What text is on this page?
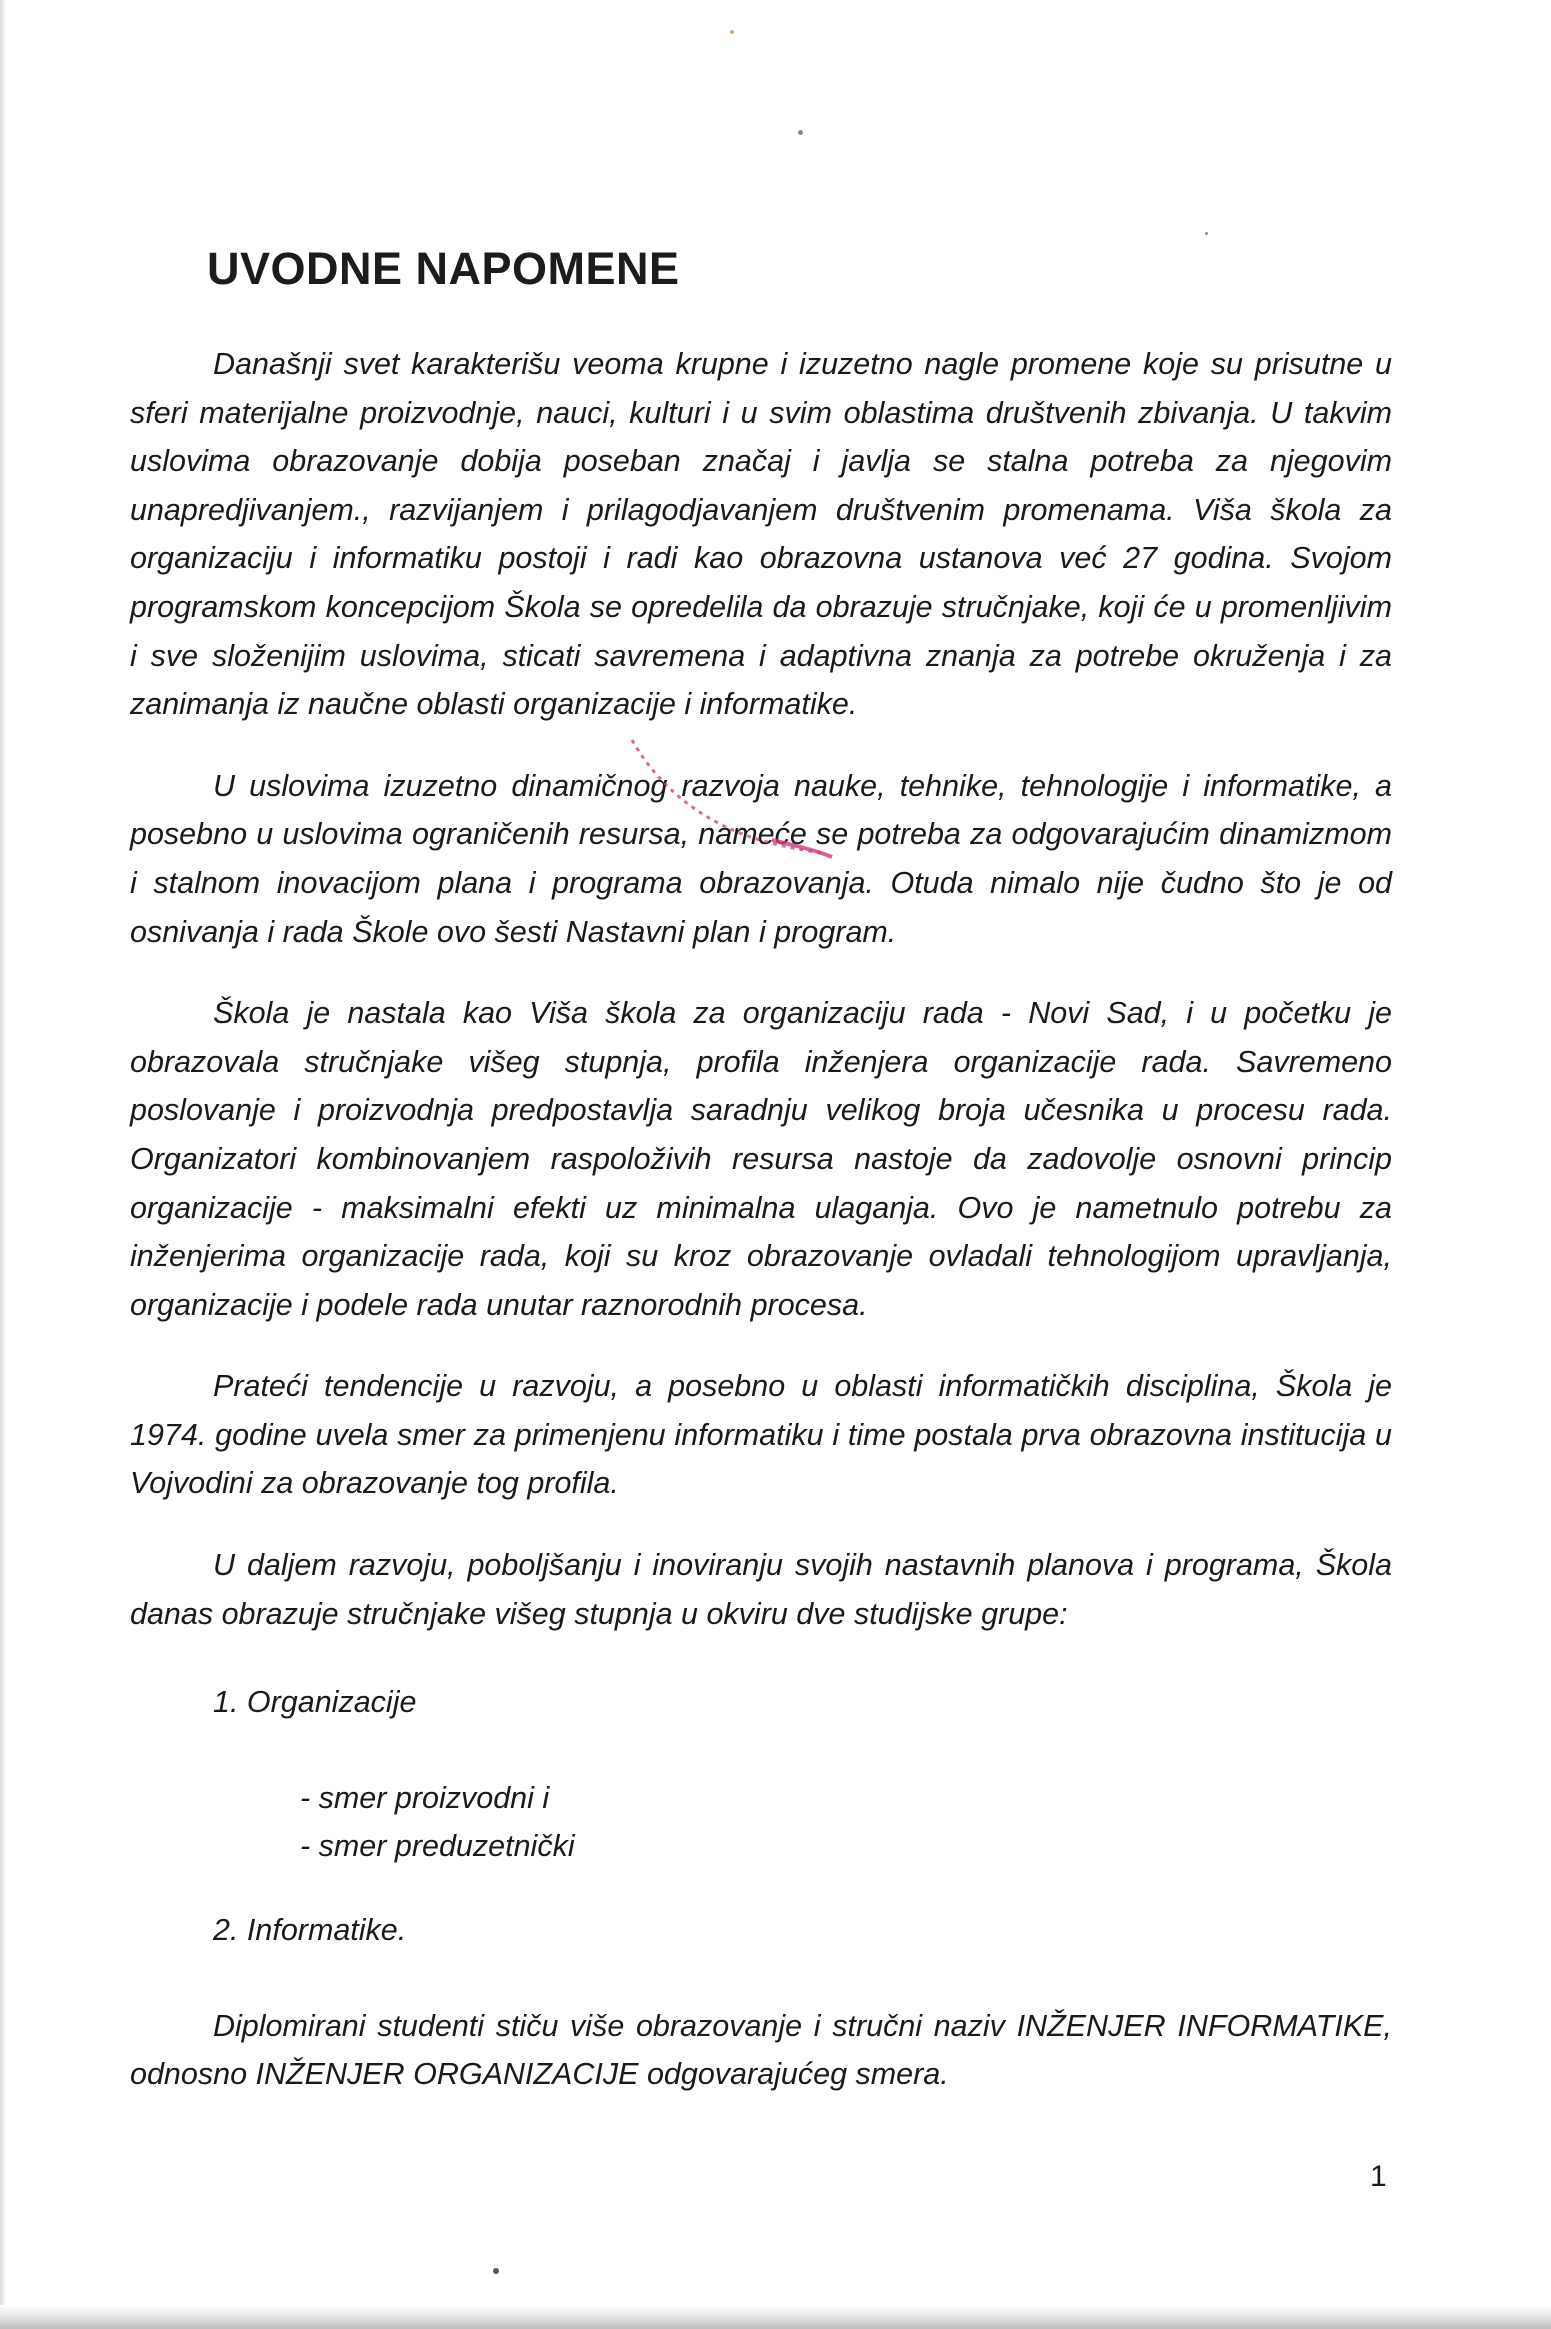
UVODNE NAPOMENE

Današnji svet karakterišu veoma krupne i izuzetno nagle promene koje su prisutne u sferi materijalne proizvodnje, nauci, kulturi i u svim oblastima društvenih zbivanja. U takvim uslovima obrazovanje dobija poseban značaj i javlja se stalna potreba za njegovim unapredjivanjem., razvijanjem i prilagodjavanjem društvenim promenama. Viša škola za organizaciju i informatiku postoji i radi kao obrazovna ustanova već 27 godina. Svojom programskom koncepcijom Škola se opredelila da obrazuje stručnjake, koji će u promenljivim i sve složenijim uslovima, sticati savremena i adaptivna znanja za potrebe okruženja i za zanimanja iz naučne oblasti organizacije i informatike.

U uslovima izuzetno dinamičnog razvoja nauke, tehnike, tehnologije i informatike, a posebno u uslovima ograničenih resursa, nameće se potreba za odgovarajućim dinamizmom i stalnom inovacijom plana i programa obrazovanja. Otuda nimalo nije čudno što je od osnivanja i rada Škole ovo šesti Nastavni plan i program.

Škola je nastala kao Viša škola za organizaciju rada - Novi Sad, i u početku je obrazovala stručnjake višeg stupnja, profila inženjera organizacije rada. Savremeno poslovanje i proizvodnja predpostavlja saradnju velikog broja učesnika u procesu rada. Organizatori kombinovanjem raspoloživih resursa nastoje da zadovolje osnovni princip organizacije - maksimalni efekti uz minimalna ulaganja. Ovo je nametnulo potrebu za inženjerima organizacije rada, koji su kroz obrazovanje ovladali tehnologijom upravljanja, organizacije i podele rada unutar raznorodnih procesa.

Prateći tendencije u razvoju, a posebno u oblasti informatičkih disciplina, Škola je 1974. godine uvela smer za primenjenu informatiku i time postala prva obrazovna institucija u Vojvodini za obrazovanje tog profila.

U daljem razvoju, poboljšanju i inoviranju svojih nastavnih planova i programa, Škola danas obrazuje stručnjake višeg stupnja u okviru dve studijske grupe:

1. Organizacije
- smer proizvodni i
- smer preduzetnički
2. Informatike.

Diplomirani studenti stiču više obrazovanje i stručni naziv INŽENJER INFORMATIKE, odnosno INŽENJER ORGANIZACIJE odgovarajućeg smera.

1
